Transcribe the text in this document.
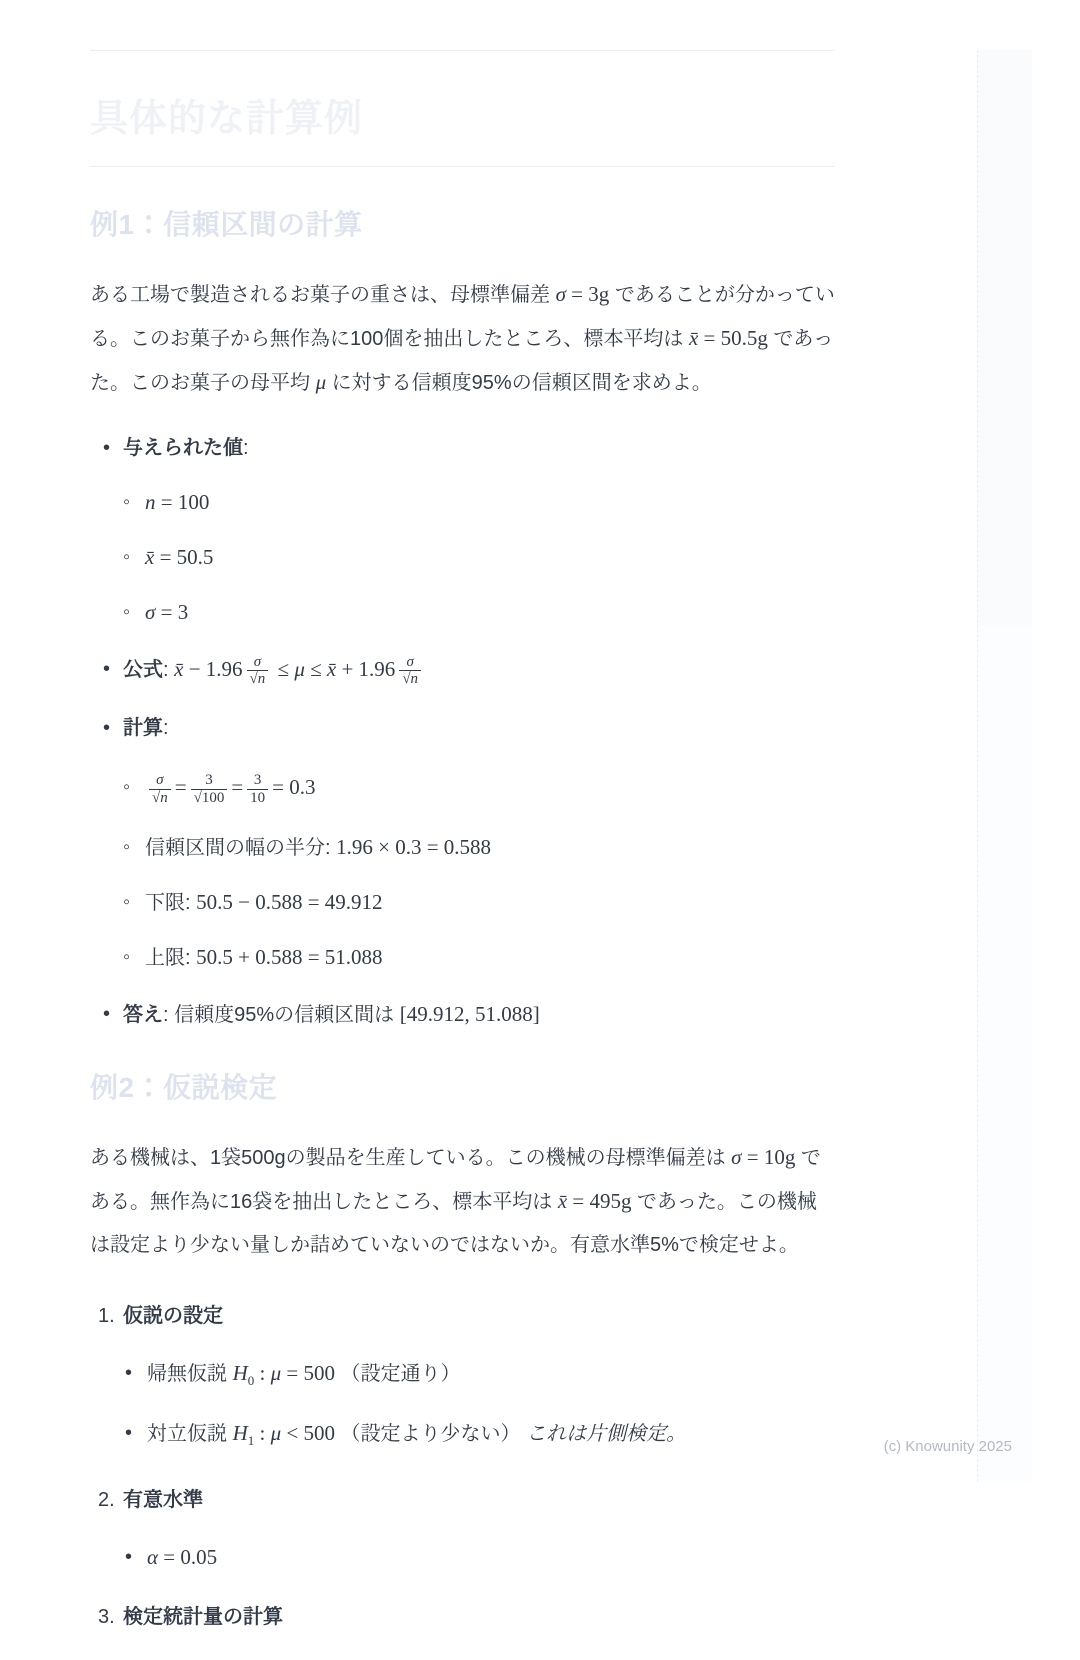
具体的な計算例
例1：信頼区間の計算

ある工場で製造されるお菓子の重さは、母標準偏差 σ = 3g であることが分かっている。このお菓子から無作為に100個を抽出したところ、標本平均は x̄ = 50.5g であった。このお菓子の母平均 μ に対する信頼度95%の信頼区間を求めよ。

• 与えられた値:
◦ n = 100
◦ x̄ = 50.5
◦ σ = 3
• 公式: x̄ − $1.96 \frac{\sigma}{√n} \le \mu$ ≤ x̄ + $1.96 \frac{\sigma}{√n}$
• 計算:
◦ $\frac{\sigma}{√n} = \frac{3}{√100} = \frac{3}{10} = 0.3$
◦ 信頼区間の幅の半分: 1.96 × 0.3 = 0.588
◦ 下限: 50.5 − 0.588 = 49.912
◦ 上限: 50.5 + 0.588 = 51.088
• 答え: 信頼度95%の信頼区間は [49.912, 51.088]
例2：仮説検定

ある機械は、1袋500gの製品を生産している。この機械の母標準偏差は σ = 10g である。無作為に16袋を抽出したところ、標本平均は x̄ = 495g であった。この機械は設定より少ない量しか詰めていないのではないか。有意水準5%で検定せよ。

1. 仮説の設定
• 帰無仮説 $H_0$ : μ = 500 （設定通り）
• 対立仮説 $H_1$ : μ < 500 （設定より少ない） これは片側検定。
2. 有意水準
• α = 0.05
3. 検定統計量の計算
(c) Knowunity 2025
